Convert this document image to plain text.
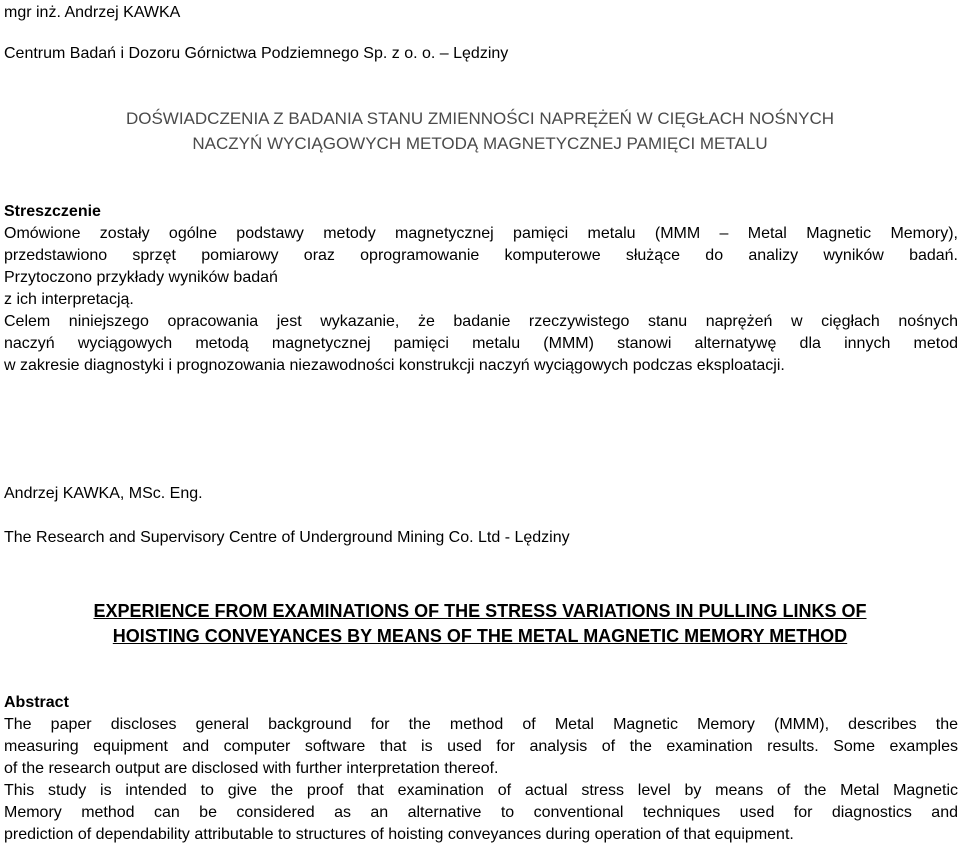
mgr inż. Andrzej KAWKA
Centrum Badań i Dozoru Górnictwa Podziemnego Sp. z o. o. – Lędziny
DOŚWIADCZENIA Z BADANIA STANU ZMIENNOŚCI NAPRĘŻEŃ W CIĘGŁACH NOŚNYCH
NACZYŃ WYCIĄGOWYCH METODĄ MAGNETYCZNEJ PAMIĘCI METALU
Streszczenie
Omówione zostały ogólne podstawy metody magnetycznej pamięci metalu (MMM – Metal Magnetic Memory),
przedstawiono sprzęt pomiarowy oraz oprogramowanie komputerowe służące do analizy wyników badań.
Przytoczono przykłady wyników badań
z ich interpretacją.
Celem niniejszego opracowania jest wykazanie, że badanie rzeczywistego stanu naprężeń w cięgłach nośnych
naczyń wyciągowych metodą magnetycznej pamięci metalu (MMM) stanowi alternatywę dla innych metod
w zakresie diagnostyki i prognozowania niezawodności konstrukcji naczyń wyciągowych podczas eksploatacji.
Andrzej KAWKA, MSc. Eng.
The Research and Supervisory Centre of Underground Mining Co. Ltd - Lędziny
EXPERIENCE FROM EXAMINATIONS OF THE STRESS VARIATIONS IN PULLING LINKS OF
HOISTING CONVEYANCES BY MEANS OF THE METAL MAGNETIC MEMORY METHOD
Abstract
The paper discloses general background for the method of Metal Magnetic Memory (MMM), describes the
measuring equipment and computer software that is used for analysis of the examination results. Some examples
of the research output are disclosed with further interpretation thereof.
This study is intended to give the proof that examination of actual stress level by means of the Metal Magnetic
Memory method can be considered as an alternative to conventional techniques used for diagnostics and
prediction of dependability attributable to structures of hoisting conveyances during operation of that equipment.
